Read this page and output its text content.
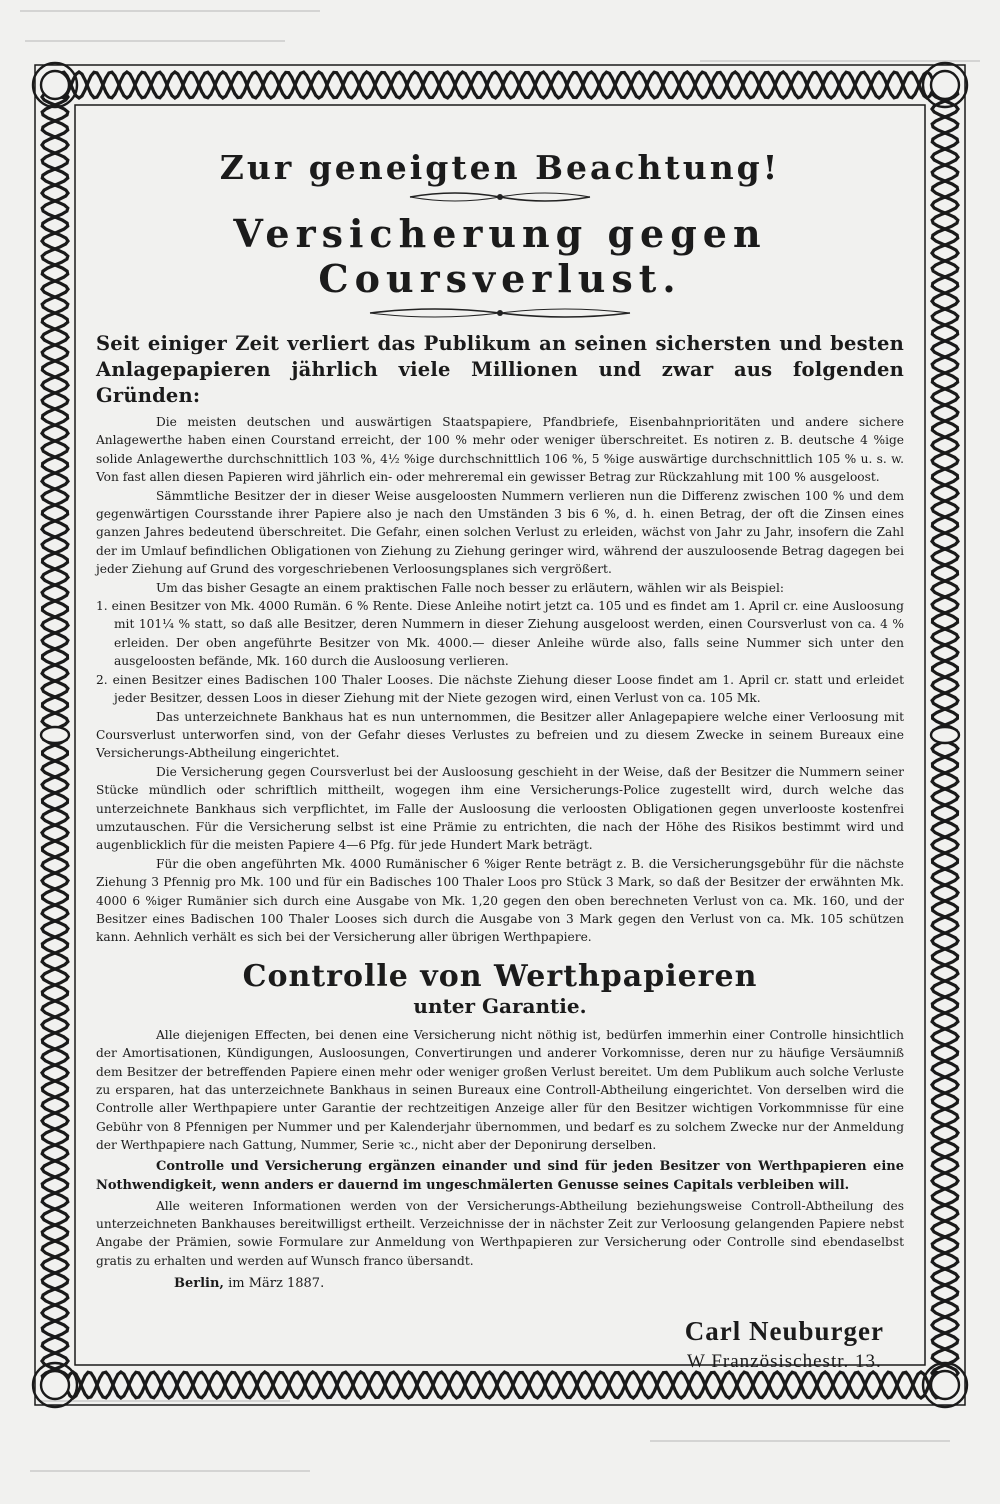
Zur geneigten Beachtung!
Versicherung gegen Coursverlust.

Seit einiger Zeit verliert das Publikum an seinen sichersten und besten Anlagepapieren jährlich viele Millionen und zwar aus folgenden Gründen:

Die meisten deutschen und auswärtigen Staatspapiere, Pfandbriefe, Eisenbahnprioritäten und andere sichere Anlagewerthe haben einen Courstand erreicht, der 100 % mehr oder weniger überschreitet. Es notiren z. B. deutsche 4 %ige solide Anlagewerthe durchschnittlich 103 %, 4½ %ige durchschnittlich 106 %, 5 %ige auswärtige durchschnittlich 105 % u. s. w. Von fast allen diesen Papieren wird jährlich ein- oder mehreremal ein gewisser Betrag zur Rückzahlung mit 100 % ausgeloost.

Sämmtliche Besitzer der in dieser Weise ausgeloosten Nummern verlieren nun die Differenz zwischen 100 % und dem gegenwärtigen Coursstande ihrer Papiere also je nach den Umständen 3 bis 6 %, d. h. einen Betrag, der oft die Zinsen eines ganzen Jahres bedeutend überschreitet. Die Gefahr, einen solchen Verlust zu erleiden, wächst von Jahr zu Jahr, insofern die Zahl der im Umlauf befindlichen Obligationen von Ziehung zu Ziehung geringer wird, während der auszuloosende Betrag dagegen bei jeder Ziehung auf Grund des vorgeschriebenen Verloosungsplanes sich vergrößert.

Um das bisher Gesagte an einem praktischen Falle noch besser zu erläutern, wählen wir als Beispiel:

1. einen Besitzer von Mk. 4000 Rumän. 6 % Rente. Diese Anleihe notirt jetzt ca. 105 und es findet am 1. April cr. eine Ausloosung mit 101¼ % statt, so daß alle Besitzer, deren Nummern in dieser Ziehung ausgeloost werden, einen Coursverlust von ca. 4 % erleiden. Der oben angeführte Besitzer von Mk. 4000.— dieser Anleihe würde also, falls seine Nummer sich unter den ausgeloosten befände, Mk. 160 durch die Ausloosung verlieren.

2. einen Besitzer eines Badischen 100 Thaler Looses. Die nächste Ziehung dieser Loose findet am 1. April cr. statt und erleidet jeder Besitzer, dessen Loos in dieser Ziehung mit der Niete gezogen wird, einen Verlust von ca. 105 Mk.

Das unterzeichnete Bankhaus hat es nun unternommen, die Besitzer aller Anlagepapiere welche einer Verloosung mit Coursverlust unterworfen sind, von der Gefahr dieses Verlustes zu befreien und zu diesem Zwecke in seinem Bureaux eine Versicherungs-Abtheilung eingerichtet.

Die Versicherung gegen Coursverlust bei der Ausloosung geschieht in der Weise, daß der Besitzer die Nummern seiner Stücke mündlich oder schriftlich mittheilt, wogegen ihm eine Versicherungs-Police zugestellt wird, durch welche das unterzeichnete Bankhaus sich verpflichtet, im Falle der Ausloosung die verloosten Obligationen gegen unverlooste kostenfrei umzutauschen. Für die Versicherung selbst ist eine Prämie zu entrichten, die nach der Höhe des Risikos bestimmt wird und augenblicklich für die meisten Papiere 4—6 Pfg. für jede Hundert Mark beträgt.

Für die oben angeführten Mk. 4000 Rumänischer 6 %iger Rente beträgt z. B. die Versicherungsgebühr für die nächste Ziehung 3 Pfennig pro Mk. 100 und für ein Badisches 100 Thaler Loos pro Stück 3 Mark, so daß der Besitzer der erwähnten Mk. 4000 6 %iger Rumänier sich durch eine Ausgabe von Mk. 1,20 gegen den oben berechneten Verlust von ca. Mk. 160, und der Besitzer eines Badischen 100 Thaler Looses sich durch die Ausgabe von 3 Mark gegen den Verlust von ca. Mk. 105 schützen kann. Aehnlich verhält es sich bei der Versicherung aller übrigen Werthpapiere.

Controlle von Werthpapieren
unter Garantie.

Alle diejenigen Effecten, bei denen eine Versicherung nicht nöthig ist, bedürfen immerhin einer Controlle hinsichtlich der Amortisationen, Kündigungen, Ausloosungen, Convertirungen und anderer Vorkomnisse, deren nur zu häufige Versäumniß dem Besitzer der betreffenden Papiere einen mehr oder weniger großen Verlust bereitet. Um dem Publikum auch solche Verluste zu ersparen, hat das unterzeichnete Bankhaus in seinen Bureaux eine Controll-Abtheilung eingerichtet. Von derselben wird die Controlle aller Werthpapiere unter Garantie der rechtzeitigen Anzeige aller für den Besitzer wichtigen Vorkommnisse für eine Gebühr von 8 Pfennigen per Nummer und per Kalenderjahr übernommen, und bedarf es zu solchem Zwecke nur der Anmeldung der Werthpapiere nach Gattung, Nummer, Serie ꝛc., nicht aber der Deponirung derselben.

Controlle und Versicherung ergänzen einander und sind für jeden Besitzer von Werthpapieren eine Nothwendigkeit, wenn anders er dauernd im ungeschmälerten Genusse seines Capitals verbleiben will.

Alle weiteren Informationen werden von der Versicherungs-Abtheilung beziehungsweise Controll-Abtheilung des unterzeichneten Bankhauses bereitwilligst ertheilt. Verzeichnisse der in nächster Zeit zur Verloosung gelangenden Papiere nebst Angabe der Prämien, sowie Formulare zur Anmeldung von Werthpapieren zur Versicherung oder Controlle sind ebendaselbst gratis zu erhalten und werden auf Wunsch franco übersandt.

Berlin, im März 1887.
Carl Neuburger
W Französischestr. 13.
